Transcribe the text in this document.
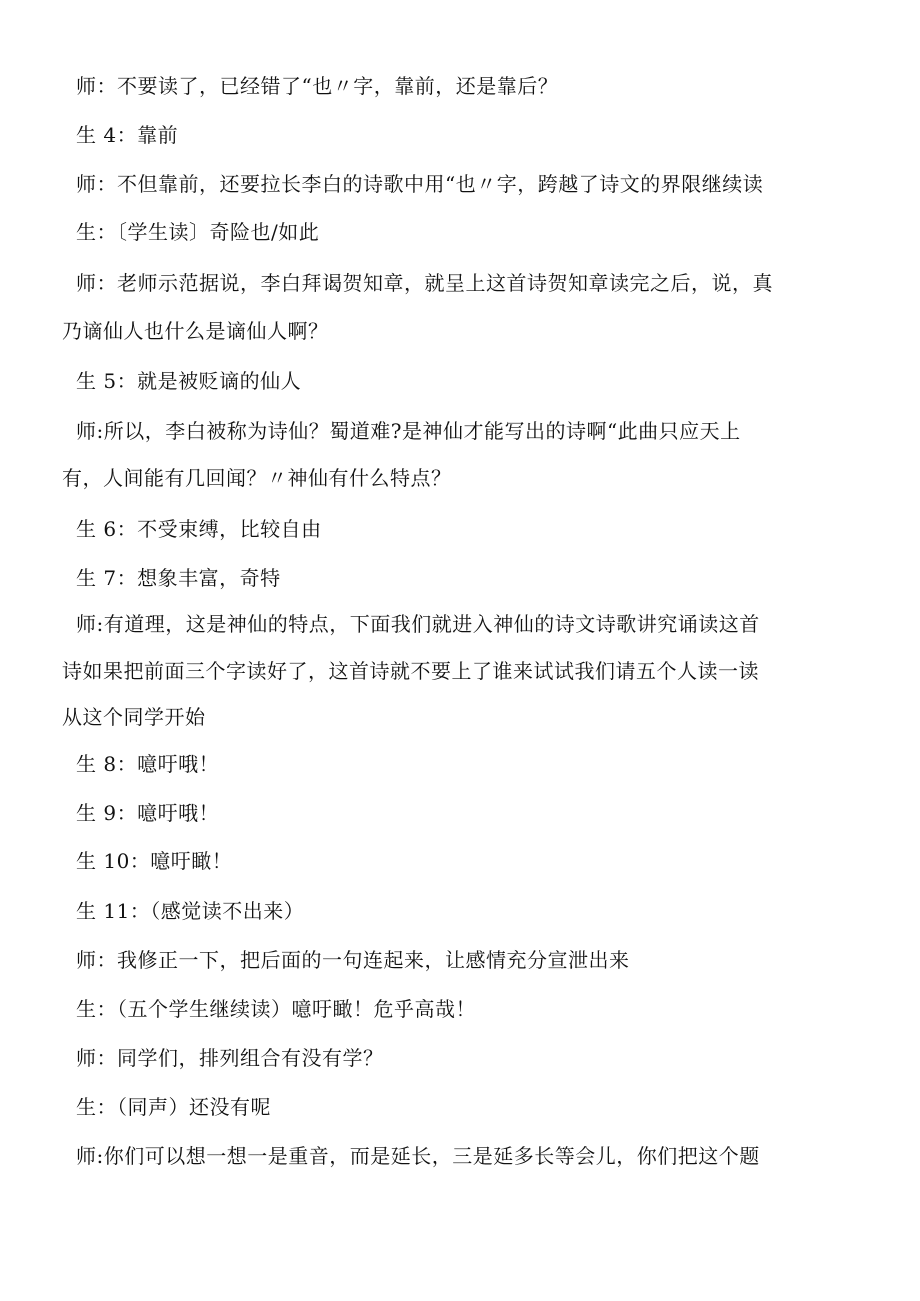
师：不要读了，已经错了“也〃字，靠前，还是靠后？
生 4：靠前
师：不但靠前，还要拉长李白的诗歌中用“也〃字，跨越了诗文的界限继续读
生：〔学生读〕奇险也/如此
师：老师示范据说，李白拜谒贺知章，就呈上这首诗贺知章读完之后，说，真
乃谪仙人也什么是谪仙人啊？
生 5：就是被贬谪的仙人
师:所以，李白被称为诗仙？蜀道难?是神仙才能写出的诗啊“此曲只应天上
有，人间能有几回闻？〃神仙有什么特点？
生 6：不受束缚，比较自由
生 7：想象丰富，奇特
师:有道理，这是神仙的特点，下面我们就进入神仙的诗文诗歌讲究诵读这首
诗如果把前面三个字读好了，这首诗就不要上了谁来试试我们请五个人读一读
从这个同学开始
生 8：噫吁哦！
生 9：噫吁哦！
生 10：噫吁瞰！
生 11：（感觉读不出来）
师：我修正一下，把后面的一句连起来，让感情充分宣泄出来
生：（五个学生继续读）噫吁瞰！危乎高哉！
师：同学们，排列组合有没有学？
生：（同声）还没有呢
师:你们可以想一想一是重音，而是延长，三是延多长等会儿，你们把这个题
